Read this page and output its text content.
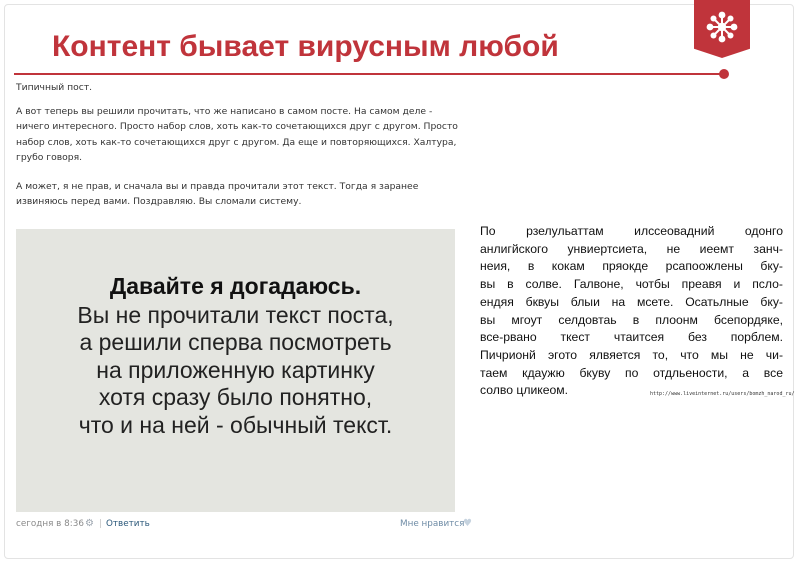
Контент бывает вирусным любой

Типичный пост.

А вот теперь вы решили прочитать, что же написано в самом посте. На самом деле - ничего интересного. Просто набор слов, хоть как-то сочетающихся друг с другом. Просто набор слов, хоть как-то сочетающихся друг с другом. Да еще и повторяющихся. Халтура, грубо говоря.

А может, я не прав, и сначала вы и правда прочитали этот текст. Тогда я заранее извиняюсь перед вами. Поздравляю. Вы сломали систему.

Давайте я догадаюсь.
Вы не прочитали текст поста,
а решили сперва посмотреть
на приложенную картинку
хотя сразу было понятно,
что и на ней - обычный текст.
сегодня в 8:36 ⚙ | Ответить	Мне нравится
♥
По рзелульаттам илссеовадний одонго
анлигйского унвиертсиета, не иеемт занч-
неия, в кокам пряокде рсапоожлены бку-
вы в солве. Галвоне, чотбы преавя и псло-
ендяя бквуы блыи на мсете. Осатьлные бку-
вы мгоут селдовтаь в плоонм бсепордяке,
все-рвано ткест чтаитсея без порблем.
Пичрионй эгото ялвяется то, что мы не чи-
таем кдаужю бкуву по отдльености, а все
солво цликеом.	http://www.liveinternet.ru/users/bomzh_narod_ru/
